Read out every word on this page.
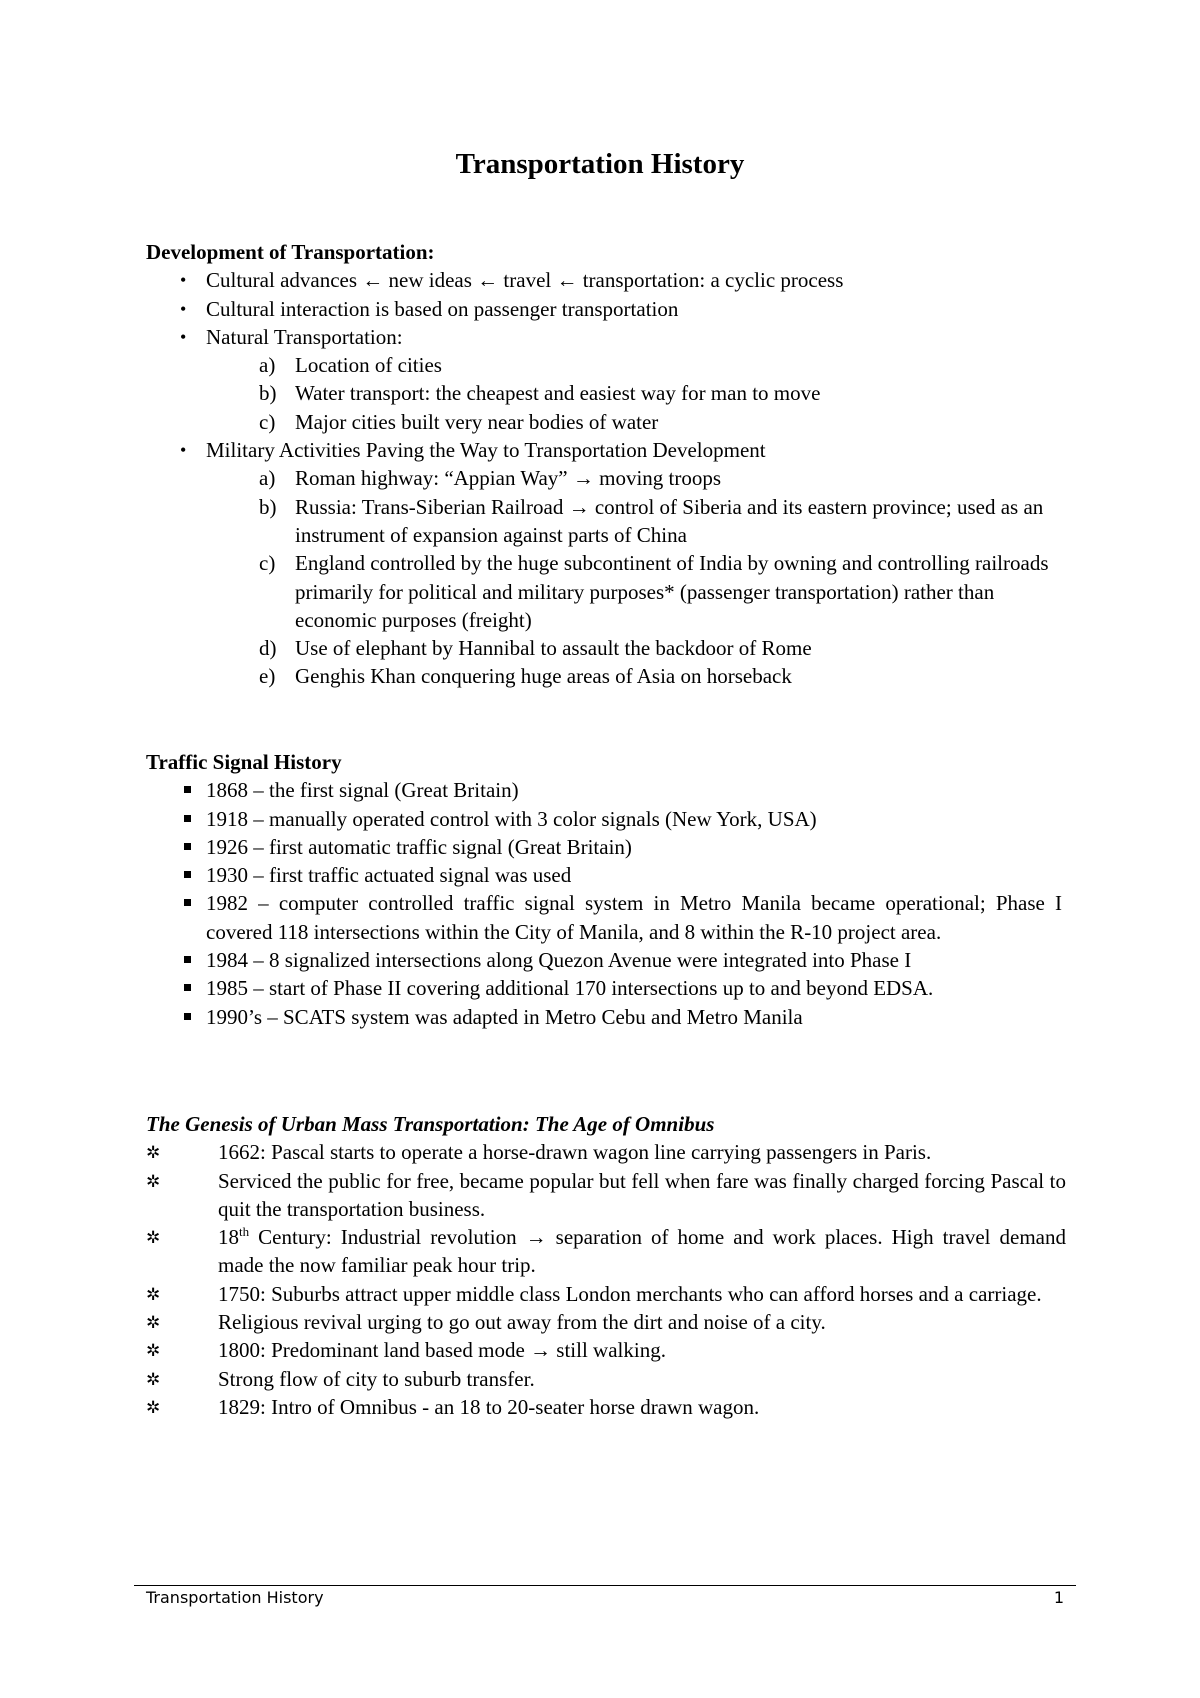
Transportation History
Development of Transportation:
• Cultural advances ← new ideas ← travel ← transportation: a cyclic process
• Cultural interaction is based on passenger transportation
• Natural Transportation:
a) Location of cities
b) Water transport: the cheapest and easiest way for man to move
c) Major cities built very near bodies of water
• Military Activities Paving the Way to Transportation Development
a) Roman highway: “Appian Way” → moving troops
b) Russia: Trans-Siberian Railroad → control of Siberia and its eastern province; used as an instrument of expansion against parts of China
c) England controlled by the huge subcontinent of India by owning and controlling railroads primarily for political and military purposes* (passenger transportation) rather than economic purposes (freight)
d) Use of elephant by Hannibal to assault the backdoor of Rome
e) Genghis Khan conquering huge areas of Asia on horseback
Traffic Signal History
1868 – the first signal (Great Britain)
1918 – manually operated control with 3 color signals (New York, USA)
1926 – first automatic traffic signal (Great Britain)
1930 – first traffic actuated signal was used
1982 – computer controlled traffic signal system in Metro Manila became operational; Phase I covered 118 intersections within the City of Manila, and 8 within the R-10 project area.
1984 – 8 signalized intersections along Quezon Avenue were integrated into Phase I
1985 – start of Phase II covering additional 170 intersections up to and beyond EDSA.
1990’s – SCATS system was adapted in Metro Cebu and Metro Manila
The Genesis of Urban Mass Transportation: The Age of Omnibus
✲	1662: Pascal starts to operate a horse-drawn wagon line carrying passengers in Paris.
✲	Serviced the public for free, became popular but fell when fare was finally charged forcing Pascal to quit the transportation business.
✲	18th Century: Industrial revolution → separation of home and work places. High travel demand made the now familiar peak hour trip.
✲	1750: Suburbs attract upper middle class London merchants who can afford horses and a carriage.
✲	Religious revival urging to go out away from the dirt and noise of a city.
✲	1800: Predominant land based mode → still walking.
✲	Strong flow of city to suburb transfer.
✲	1829: Intro of Omnibus - an 18 to 20-seater horse drawn wagon.
Transportation History	1
